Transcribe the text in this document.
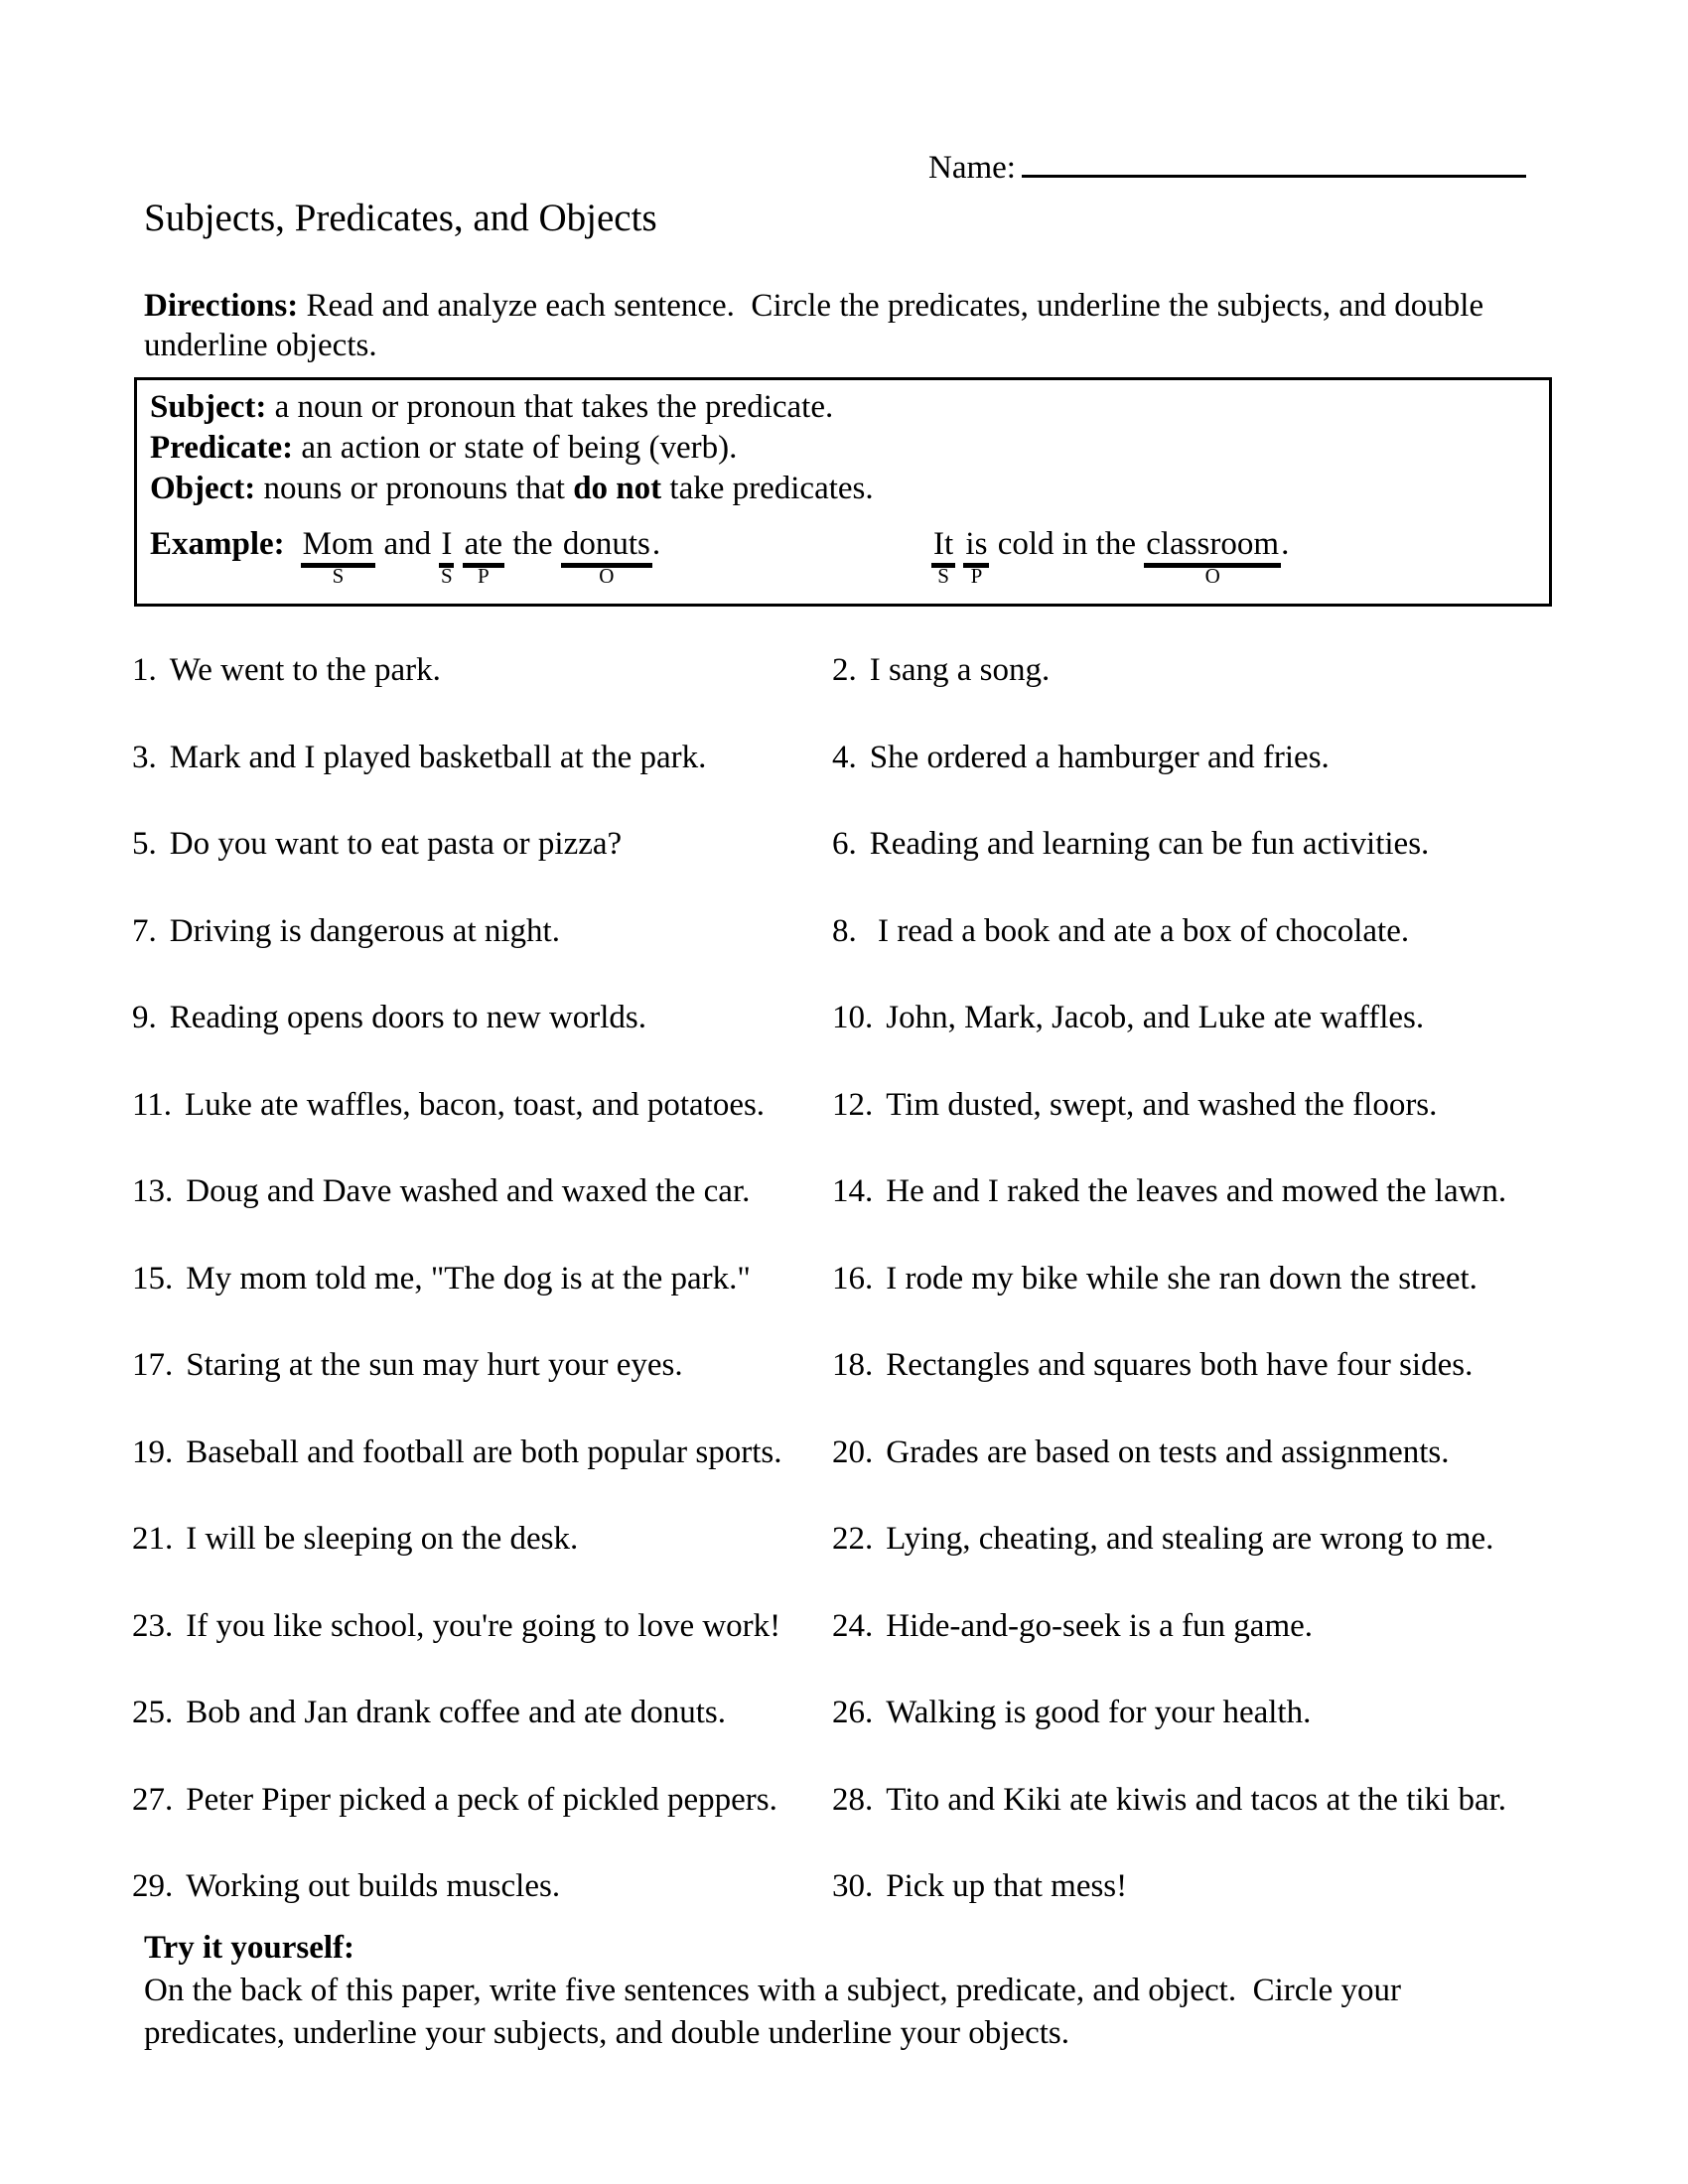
Name:
Subjects, Predicates, and Objects
Directions: Read and analyze each sentence.  Circle the predicates, underline the subjects, and double underline objects.
Subject: a noun or pronoun that takes the predicate.
Predicate: an action or state of being (verb).
Object: nouns or pronouns that do not take predicates.
Example: Mom
S
and I
S
ate
P
the donuts
O
.	It
S
is
P
cold in the classroom
O
.
1. We went to the park.	2. I sang a song.
3. Mark and I played basketball at the park.	4. She ordered a hamburger and fries.
5. Do you want to eat pasta or pizza?	6. Reading and learning can be fun activities.
7. Driving is dangerous at night.	8. I read a book and ate a box of chocolate.
9. Reading opens doors to new worlds.	10. John, Mark, Jacob, and Luke ate waffles.
11. Luke ate waffles, bacon, toast, and potatoes.	12. Tim dusted, swept, and washed the floors.
13. Doug and Dave washed and waxed the car.	14. He and I raked the leaves and mowed the lawn.
15. My mom told me, "The dog is at the park."	16. I rode my bike while she ran down the street.
17. Staring at the sun may hurt your eyes.	18. Rectangles and squares both have four sides.
19. Baseball and football are both popular sports.	20. Grades are based on tests and assignments.
21. I will be sleeping on the desk.	22. Lying, cheating, and stealing are wrong to me.
23. If you like school, you're going to love work!	24. Hide-and-go-seek is a fun game.
25. Bob and Jan drank coffee and ate donuts.	26. Walking is good for your health.
27. Peter Piper picked a peck of pickled peppers.	28. Tito and Kiki ate kiwis and tacos at the tiki bar.
29. Working out builds muscles.	30. Pick up that mess!
Try it yourself:
On the back of this paper, write five sentences with a subject, predicate, and object.  Circle your predicates, underline your subjects, and double underline your objects.
